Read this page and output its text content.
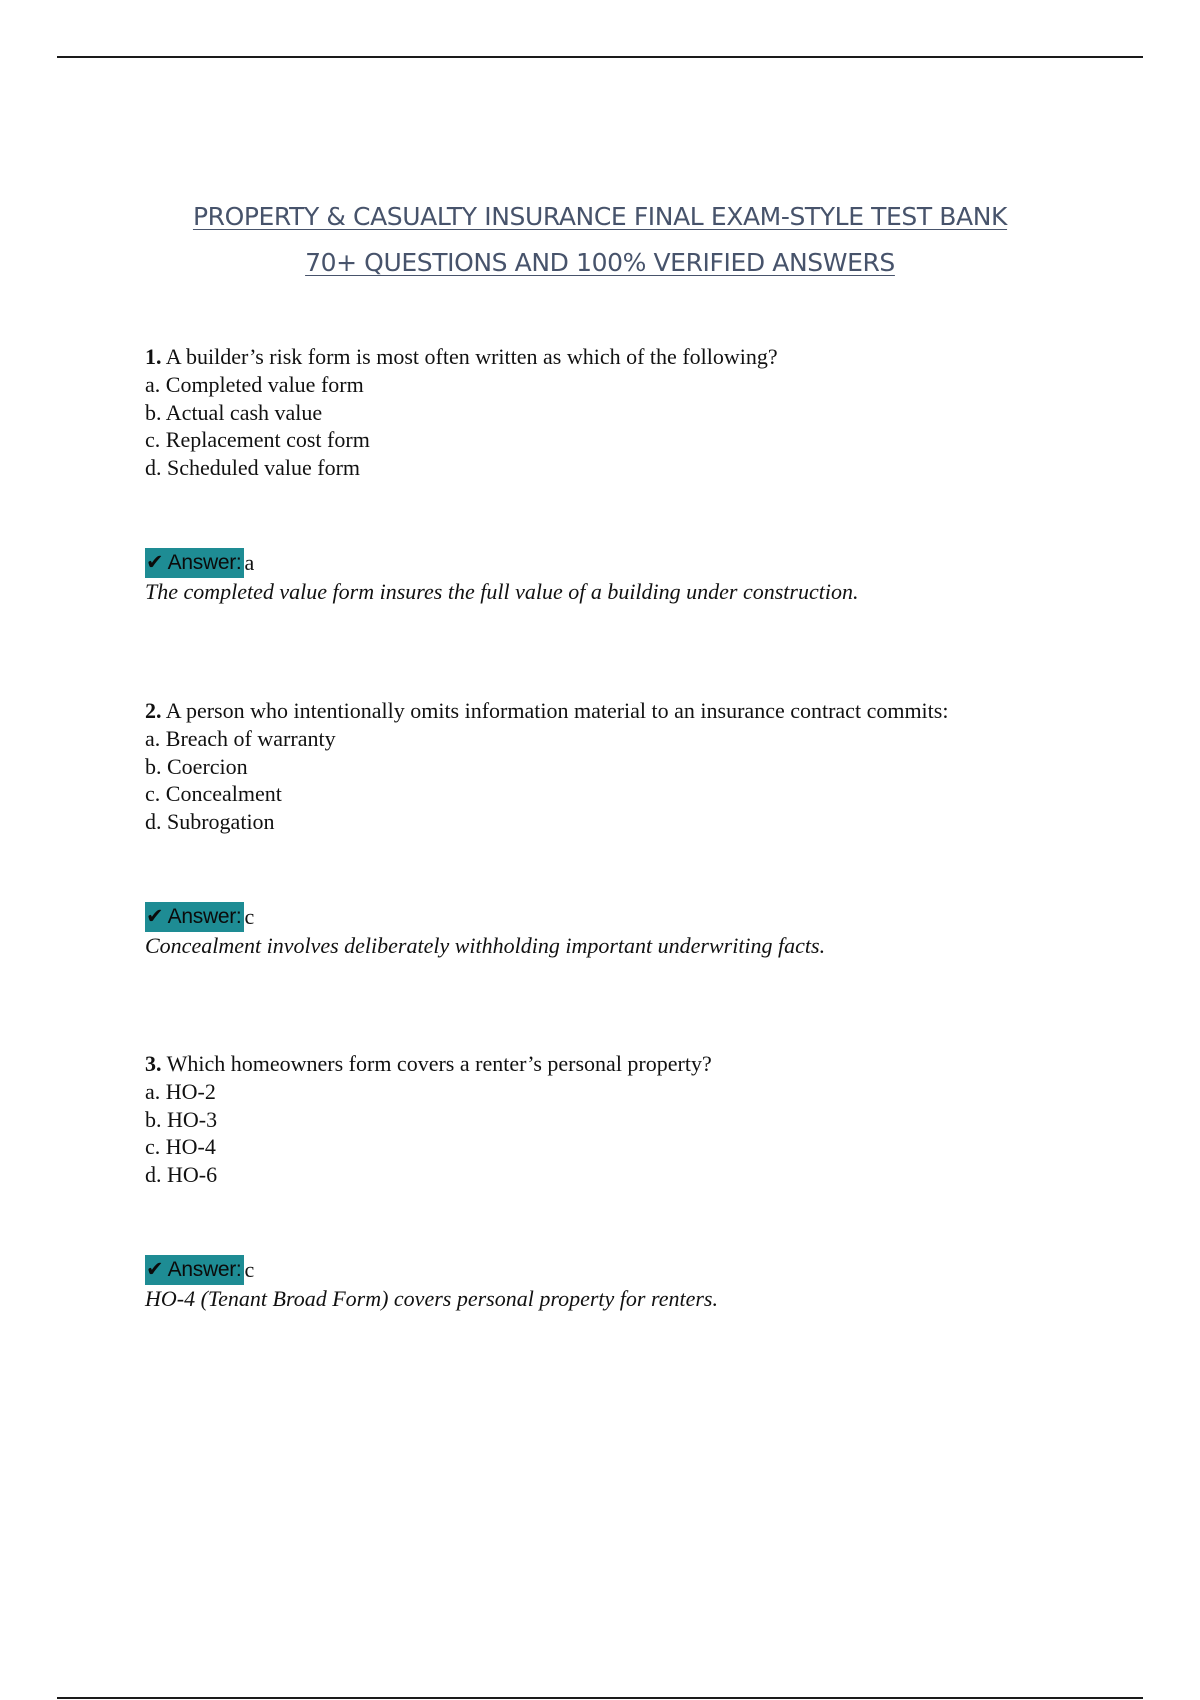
PROPERTY & CASUALTY INSURANCE FINAL EXAM-STYLE TEST BANK
70+ QUESTIONS AND 100% VERIFIED ANSWERS
1. A builder’s risk form is most often written as which of the following?
a. Completed value form
b. Actual cash value
c. Replacement cost form
d. Scheduled value form
✔ Answer: a
The completed value form insures the full value of a building under construction.
2. A person who intentionally omits information material to an insurance contract commits:
a. Breach of warranty
b. Coercion
c. Concealment
d. Subrogation
✔ Answer: c
Concealment involves deliberately withholding important underwriting facts.
3. Which homeowners form covers a renter’s personal property?
a. HO-2
b. HO-3
c. HO-4
d. HO-6
✔ Answer: c
HO-4 (Tenant Broad Form) covers personal property for renters.
